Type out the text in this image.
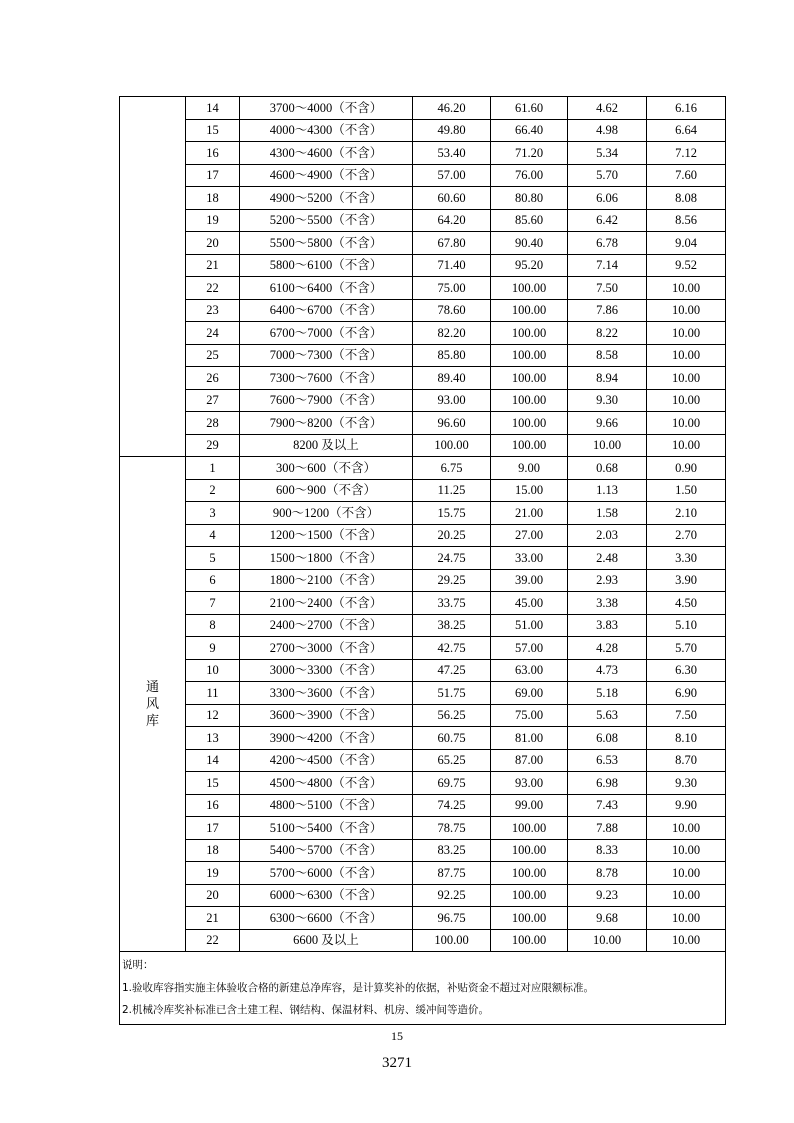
	14	3700～4000（不含）	46.20	61.60	4.62	6.16
	15	4000～4300（不含）	49.80	66.40	4.98	6.64
	16	4300～4600（不含）	53.40	71.20	5.34	7.12
	17	4600～4900（不含）	57.00	76.00	5.70	7.60
	18	4900～5200（不含）	60.60	80.80	6.06	8.08
	19	5200～5500（不含）	64.20	85.60	6.42	8.56
	20	5500～5800（不含）	67.80	90.40	6.78	9.04
	21	5800～6100（不含）	71.40	95.20	7.14	9.52
	22	6100～6400（不含）	75.00	100.00	7.50	10.00
	23	6400～6700（不含）	78.60	100.00	7.86	10.00
	24	6700～7000（不含）	82.20	100.00	8.22	10.00
	25	7000～7300（不含）	85.80	100.00	8.58	10.00
	26	7300～7600（不含）	89.40	100.00	8.94	10.00
	27	7600～7900（不含）	93.00	100.00	9.30	10.00
	28	7900～8200（不含）	96.60	100.00	9.66	10.00
	29	8200 及以上	100.00	100.00	10.00	10.00
通风库	1	300～600（不含）	6.75	9.00	0.68	0.90
	2	600～900（不含）	11.25	15.00	1.13	1.50
	3	900～1200（不含）	15.75	21.00	1.58	2.10
	4	1200～1500（不含）	20.25	27.00	2.03	2.70
	5	1500～1800（不含）	24.75	33.00	2.48	3.30
	6	1800～2100（不含）	29.25	39.00	2.93	3.90
	7	2100～2400（不含）	33.75	45.00	3.38	4.50
	8	2400～2700（不含）	38.25	51.00	3.83	5.10
	9	2700～3000（不含）	42.75	57.00	4.28	5.70
	10	3000～3300（不含）	47.25	63.00	4.73	6.30
	11	3300～3600（不含）	51.75	69.00	5.18	6.90
	12	3600～3900（不含）	56.25	75.00	5.63	7.50
	13	3900～4200（不含）	60.75	81.00	6.08	8.10
	14	4200～4500（不含）	65.25	87.00	6.53	8.70
	15	4500～4800（不含）	69.75	93.00	6.98	9.30
	16	4800～5100（不含）	74.25	99.00	7.43	9.90
	17	5100～5400（不含）	78.75	100.00	7.88	10.00
	18	5400～5700（不含）	83.25	100.00	8.33	10.00
	19	5700～6000（不含）	87.75	100.00	8.78	10.00
	20	6000～6300（不含）	92.25	100.00	9.23	10.00
	21	6300～6600（不含）	96.75	100.00	9.68	10.00
	22	6600 及以上	100.00	100.00	10.00	10.00

说明：
1.验收库容指实施主体验收合格的新建总净库容，是计算奖补的依据，补贴资金不超过对应限额标准。
2.机械冷库奖补标准已含土建工程、钢结构、保温材料、机房、缓冲间等造价。						
15
3271
